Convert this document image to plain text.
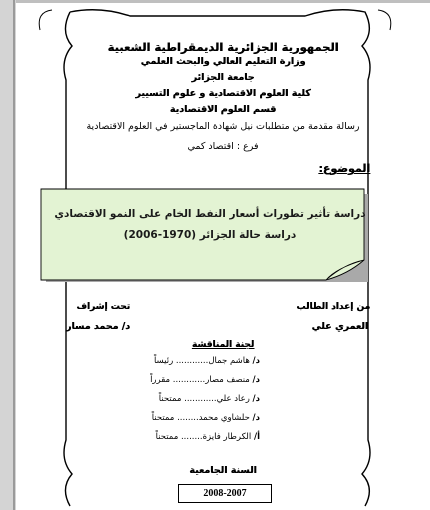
الجمهورية الجزائرية الديمقراطية الشعبية
وزارة التعليم العالي والبحث العلمي
جامعة الجزائر
كلية العلوم الاقتصادية و علوم التسيير
قسم العلوم الاقتصادية
رسالة مقدمة من متطلبات نيل شهادة الماجستير في العلوم الاقتصادية
فرع : اقتصاد كمي
الموضوع:
دراسة تأثير تطورات أسعار النفط الخام على النمو الاقتصادي
دراسة حالة الجزائر (1970-2006)
من إعداد الطالب
العمري علي
تحت إشراف
د/ محمد مسار
لجنة المناقشة
د/ هاشم جمال............ رئيساً
د/ منصف مصار............ مقرراً
د/ رعاد علي............ ممتحناً
د/ حلشاوي محمد........ ممتحناً
أ/ الكرطار فايزة........ ممتحناً
السنة الجامعية
2008-2007
